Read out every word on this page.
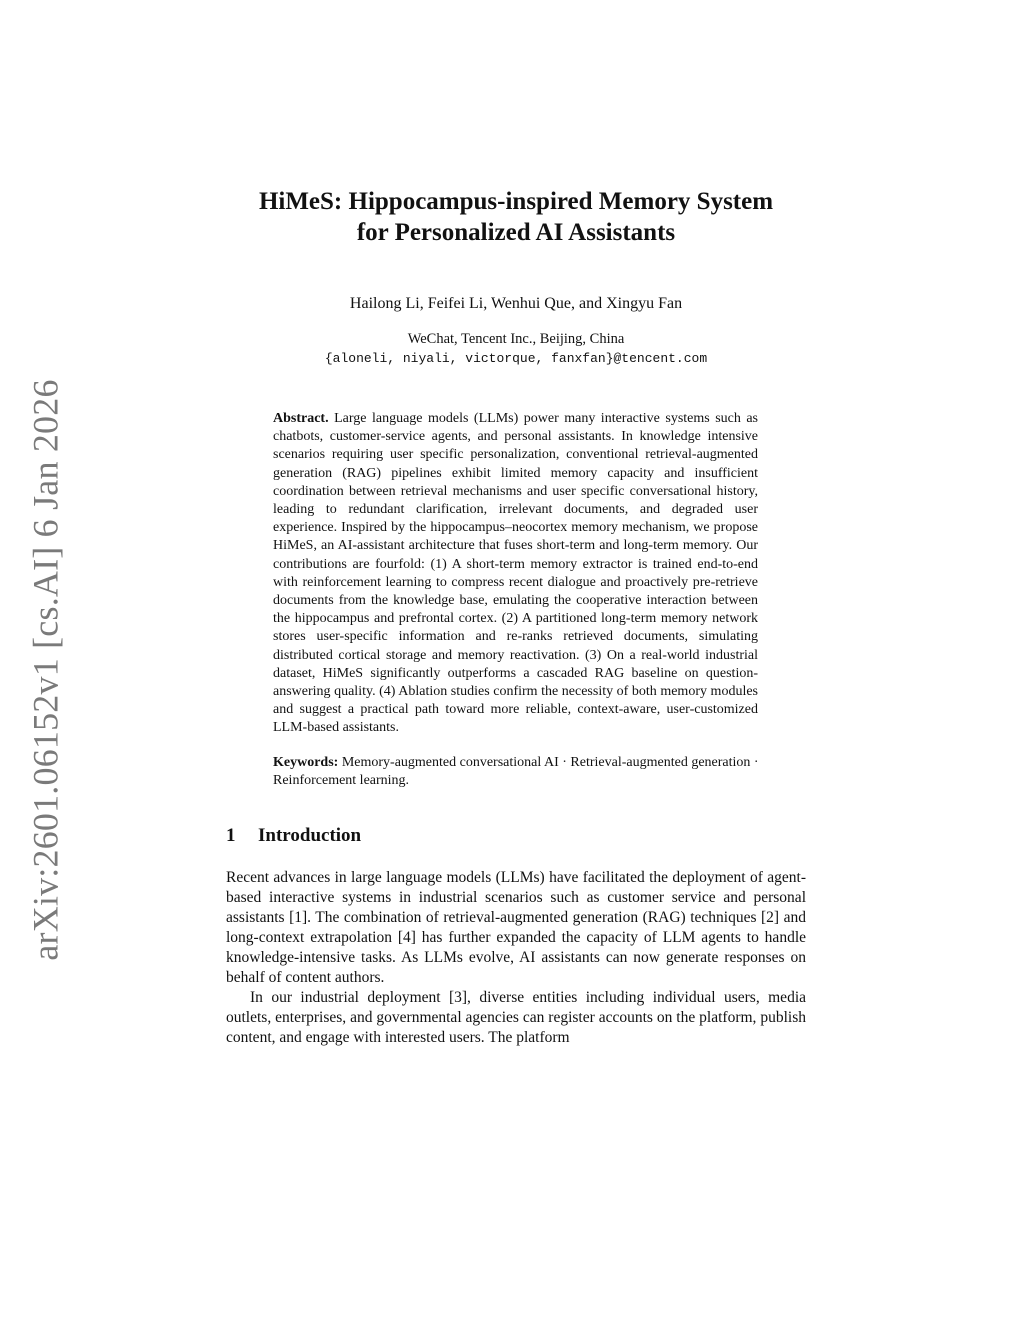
arXiv:2601.06152v1 [cs.AI] 6 Jan 2026
HiMeS: Hippocampus-inspired Memory System
for Personalized AI Assistants
Hailong Li, Feifei Li, Wenhui Que, and Xingyu Fan
WeChat, Tencent Inc., Beijing, China
{aloneli, niyali, victorque, fanxfan}@tencent.com
Abstract. Large language models (LLMs) power many interactive systems such as chatbots, customer-service agents, and personal assistants. In knowledge intensive scenarios requiring user specific personalization, conventional retrieval-augmented generation (RAG) pipelines exhibit limited memory capacity and insufficient coordination between retrieval mechanisms and user specific conversational history, leading to redundant clarification, irrelevant documents, and degraded user experience. Inspired by the hippocampus–neocortex memory mechanism, we propose HiMeS, an AI-assistant architecture that fuses short-term and long-term memory. Our contributions are fourfold: (1) A short-term memory extractor is trained end-to-end with reinforcement learning to compress recent dialogue and proactively pre-retrieve documents from the knowledge base, emulating the cooperative interaction between the hippocampus and prefrontal cortex. (2) A partitioned long-term memory network stores user-specific information and re-ranks retrieved documents, simulating distributed cortical storage and memory reactivation. (3) On a real-world industrial dataset, HiMeS significantly outperforms a cascaded RAG baseline on question-answering quality. (4) Ablation studies confirm the necessity of both memory modules and suggest a practical path toward more reliable, context-aware, user-customized LLM-based assistants.
Keywords: Memory-augmented conversational AI · Retrieval-augmented generation · Reinforcement learning.
1	Introduction

Recent advances in large language models (LLMs) have facilitated the deployment of agent-based interactive systems in industrial scenarios such as customer service and personal assistants [1]. The combination of retrieval-augmented generation (RAG) techniques [2] and long-context extrapolation [4] has further expanded the capacity of LLM agents to handle knowledge-intensive tasks. As LLMs evolve, AI assistants can now generate responses on behalf of content authors.

In our industrial deployment [3], diverse entities including individual users, media outlets, enterprises, and governmental agencies can register accounts on the platform, publish content, and engage with interested users. The platform
